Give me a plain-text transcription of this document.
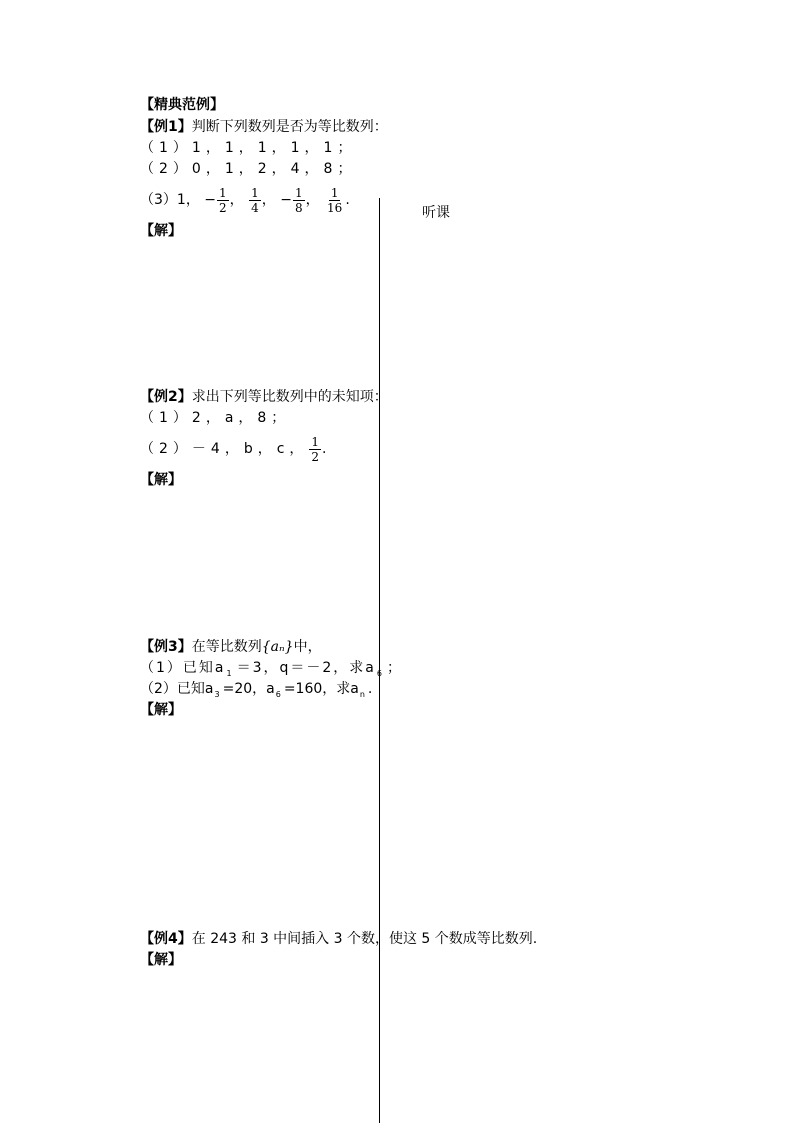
【精典范例】
听课
【例1】判断下列数列是否为等比数列：
（1）1，1，1，1，1；
（2）0，1，2，4，8；
（3）1， − $\frac{1}{2}$ ， $\frac{1}{4}$ ， − $\frac{1}{8}$ ， $\frac{1}{16}$ .
【解】
【例2】求出下列等比数列中的未知项：
（1）2，a，8；
（2）－4，b，c， $\frac{1}{2}$ .
【解】
【例3】在等比数列{aₙ}中，
（1）已知$a_1 =3$，q＝－2，求$a_6$ ；
（2）已知$a_3 =20$，$a_6 =160$，求$a_n$ .
【解】
【例4】在 243 和 3 中间插入 3 个数，使这 5 个数成等比数列.
【解】
